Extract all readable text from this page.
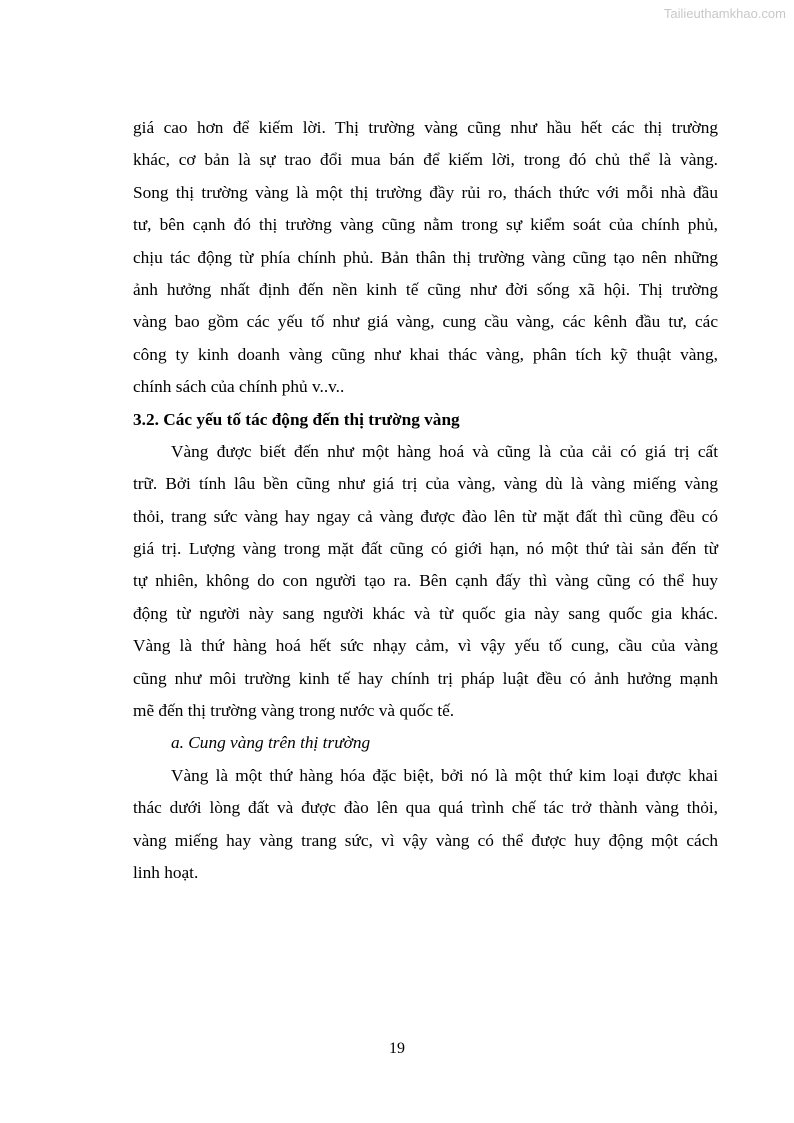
Tailieuthamkhao.com
giá cao hơn để kiếm lời. Thị trường vàng cũng như hầu hết các thị trường
khác, cơ bản là sự trao đổi mua bán để kiếm lời, trong đó chủ thể là vàng.
Song thị trường vàng là một thị trường đầy rủi ro, thách thức với mỗi nhà đầu
tư, bên cạnh đó thị trường vàng cũng nằm trong sự kiểm soát của chính phủ,
chịu tác động từ phía chính phủ. Bản thân thị trường vàng cũng tạo nên những
ảnh hưởng nhất định đến nền kinh tế cũng như đời sống xã hội. Thị trường
vàng bao gồm các yếu tố như giá vàng, cung cầu vàng, các kênh đầu tư, các
công ty kinh doanh vàng cũng như khai thác vàng, phân tích kỹ thuật vàng,
chính sách của chính phủ v..v..
3.2. Các yếu tố tác động đến thị trường vàng
Vàng được biết đến như một hàng hoá và cũng là của cải có giá trị cất
trữ. Bởi tính lâu bền cũng như giá trị của vàng, vàng dù là vàng miếng vàng
thỏi, trang sức vàng hay ngay cả vàng được đào lên từ mặt đất thì cũng đều có
giá trị. Lượng vàng trong mặt đất cũng có giới hạn, nó một thứ tài sản đến từ
tự nhiên, không do con người tạo ra. Bên cạnh đấy thì vàng cũng có thể huy
động từ người này sang người khác và từ quốc gia này sang quốc gia khác.
Vàng là thứ hàng hoá hết sức nhạy cảm, vì vậy yếu tố cung, cầu của vàng
cũng như môi trường kinh tế hay chính trị pháp luật đều có ảnh hưởng mạnh
mẽ đến thị trường vàng trong nước và quốc tế.
a. Cung vàng trên thị trường
Vàng là một thứ hàng hóa đặc biệt, bởi nó là một thứ kim loại được khai
thác dưới lòng đất và được đào lên qua quá trình chế tác trở thành vàng thỏi,
vàng miếng hay vàng trang sức, vì vậy vàng có thể được huy động một cách
linh hoạt.
19
